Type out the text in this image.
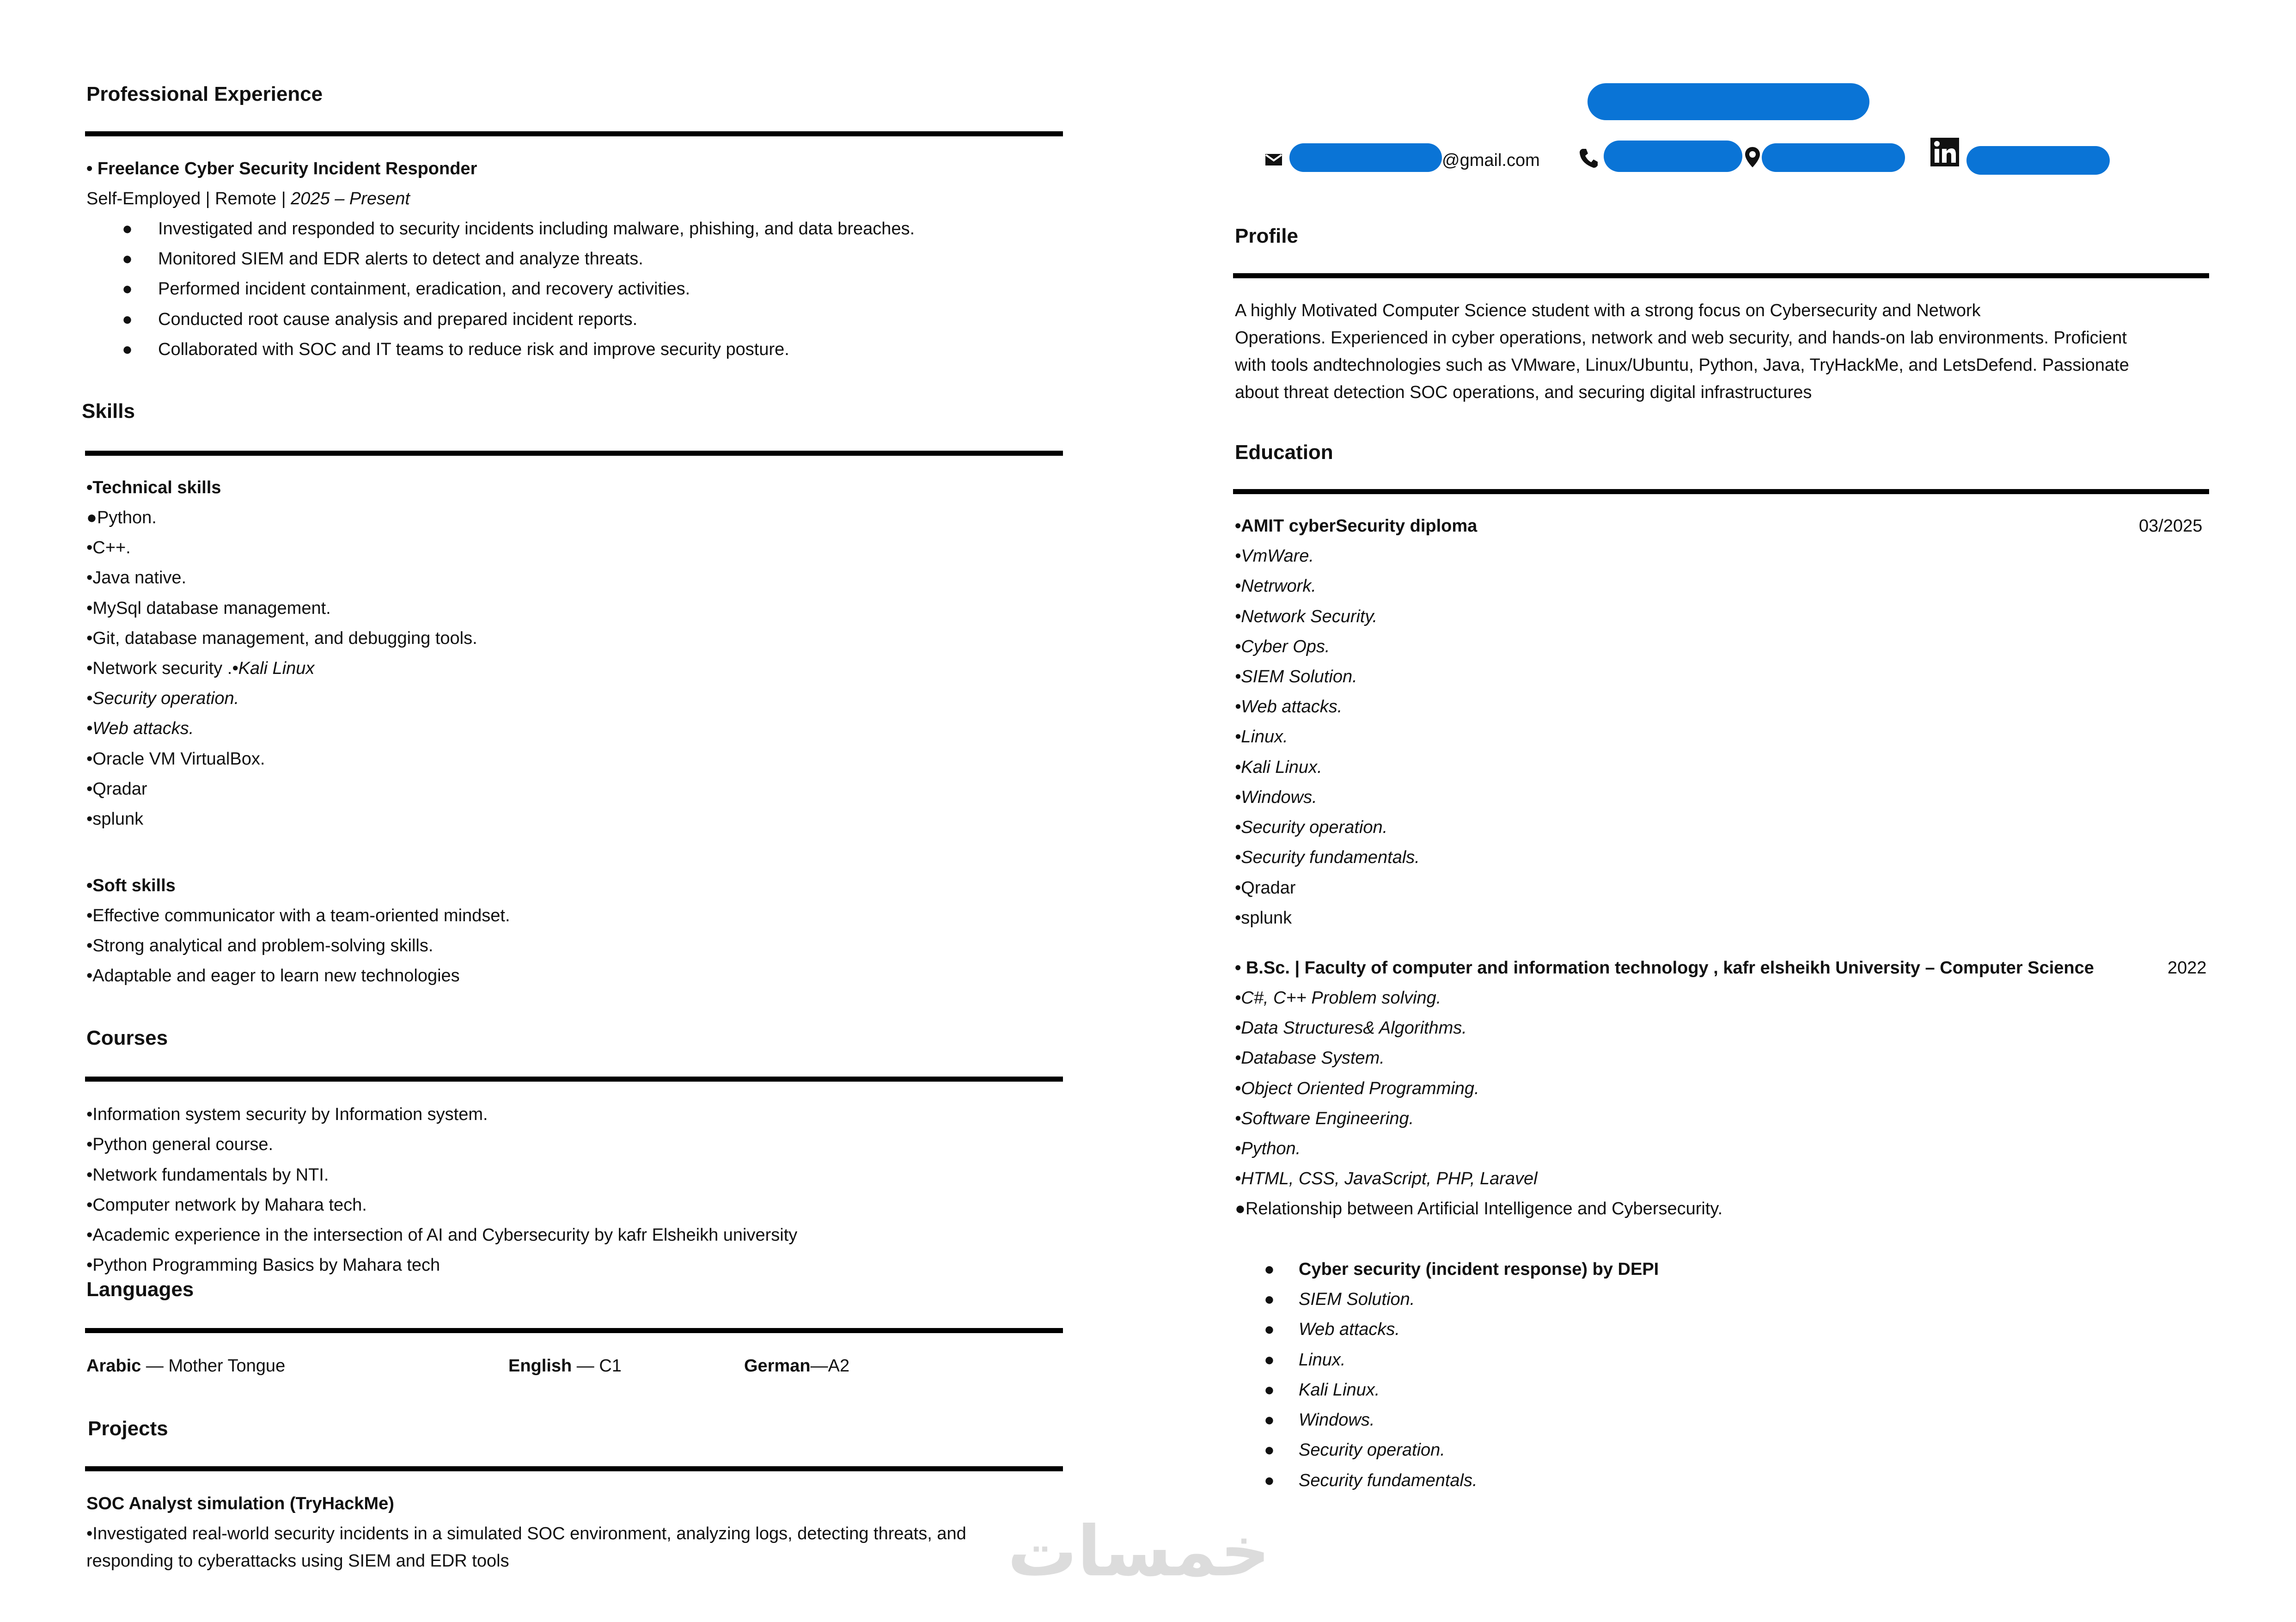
Professional Experience
• Freelance Cyber Security Incident Responder
Self-Employed | Remote | 2025 – Present
● Investigated and responded to security incidents including malware, phishing, and data breaches.
● Monitored SIEM and EDR alerts to detect and analyze threats.
● Performed incident containment, eradication, and recovery activities.
● Conducted root cause analysis and prepared incident reports.
● Collaborated with SOC and IT teams to reduce risk and improve security posture.
Skills
•Technical skills
●Python.
•C++.
•Java native.
•MySql database management.
•Git, database management, and debugging tools.
•Network security .•Kali Linux
•Security operation.
•Web attacks.
•Oracle VM VirtualBox.
•Qradar
•splunk
•Soft skills
•Effective communicator with a team-oriented mindset.
•Strong analytical and problem-solving skills.
•Adaptable and eager to learn new technologies
Courses
•Information system security by Information system.
•Python general course.
•Network fundamentals by NTI.
•Computer network by Mahara tech.
•Academic experience in the intersection of AI and Cybersecurity by kafr Elsheikh university
•Python Programming Basics by Mahara tech
Languages
Arabic — Mother Tongue	English — C1	German—A2
Projects
SOC Analyst simulation (TryHackMe)
•Investigated real-world security incidents in a simulated SOC environment, analyzing logs, detecting threats, and
responding to cyberattacks using SIEM and EDR tools
@gmail.com
Profile
A highly Motivated Computer Science student with a strong focus on Cybersecurity and Network
Operations. Experienced in cyber operations, network and web security, and hands-on lab environments. Proficient
with tools andtechnologies such as VMware, Linux/Ubuntu, Python, Java, TryHackMe, and LetsDefend. Passionate
about threat detection SOC operations, and securing digital infrastructures
Education
•AMIT cyberSecurity diploma	03/2025
•VmWare.
•Netrwork.
•Network Security.
•Cyber Ops.
•SIEM Solution.
•Web attacks.
•Linux.
•Kali Linux.
•Windows.
•Security operation.
•Security fundamentals.
•Qradar
•splunk
• B.Sc. | Faculty of computer and information technology , kafr elsheikh University – Computer Science	2022
•C#, C++ Problem solving.
•Data Structures& Algorithms.
•Database System.
•Object Oriented Programming.
•Software Engineering.
•Python.
•HTML, CSS, JavaScript, PHP, Laravel
●Relationship between Artificial Intelligence and Cybersecurity.
● Cyber security (incident response) by DEPI
● SIEM Solution.
● Web attacks.
● Linux.
● Kali Linux.
● Windows.
● Security operation.
● Security fundamentals.
خمسات
